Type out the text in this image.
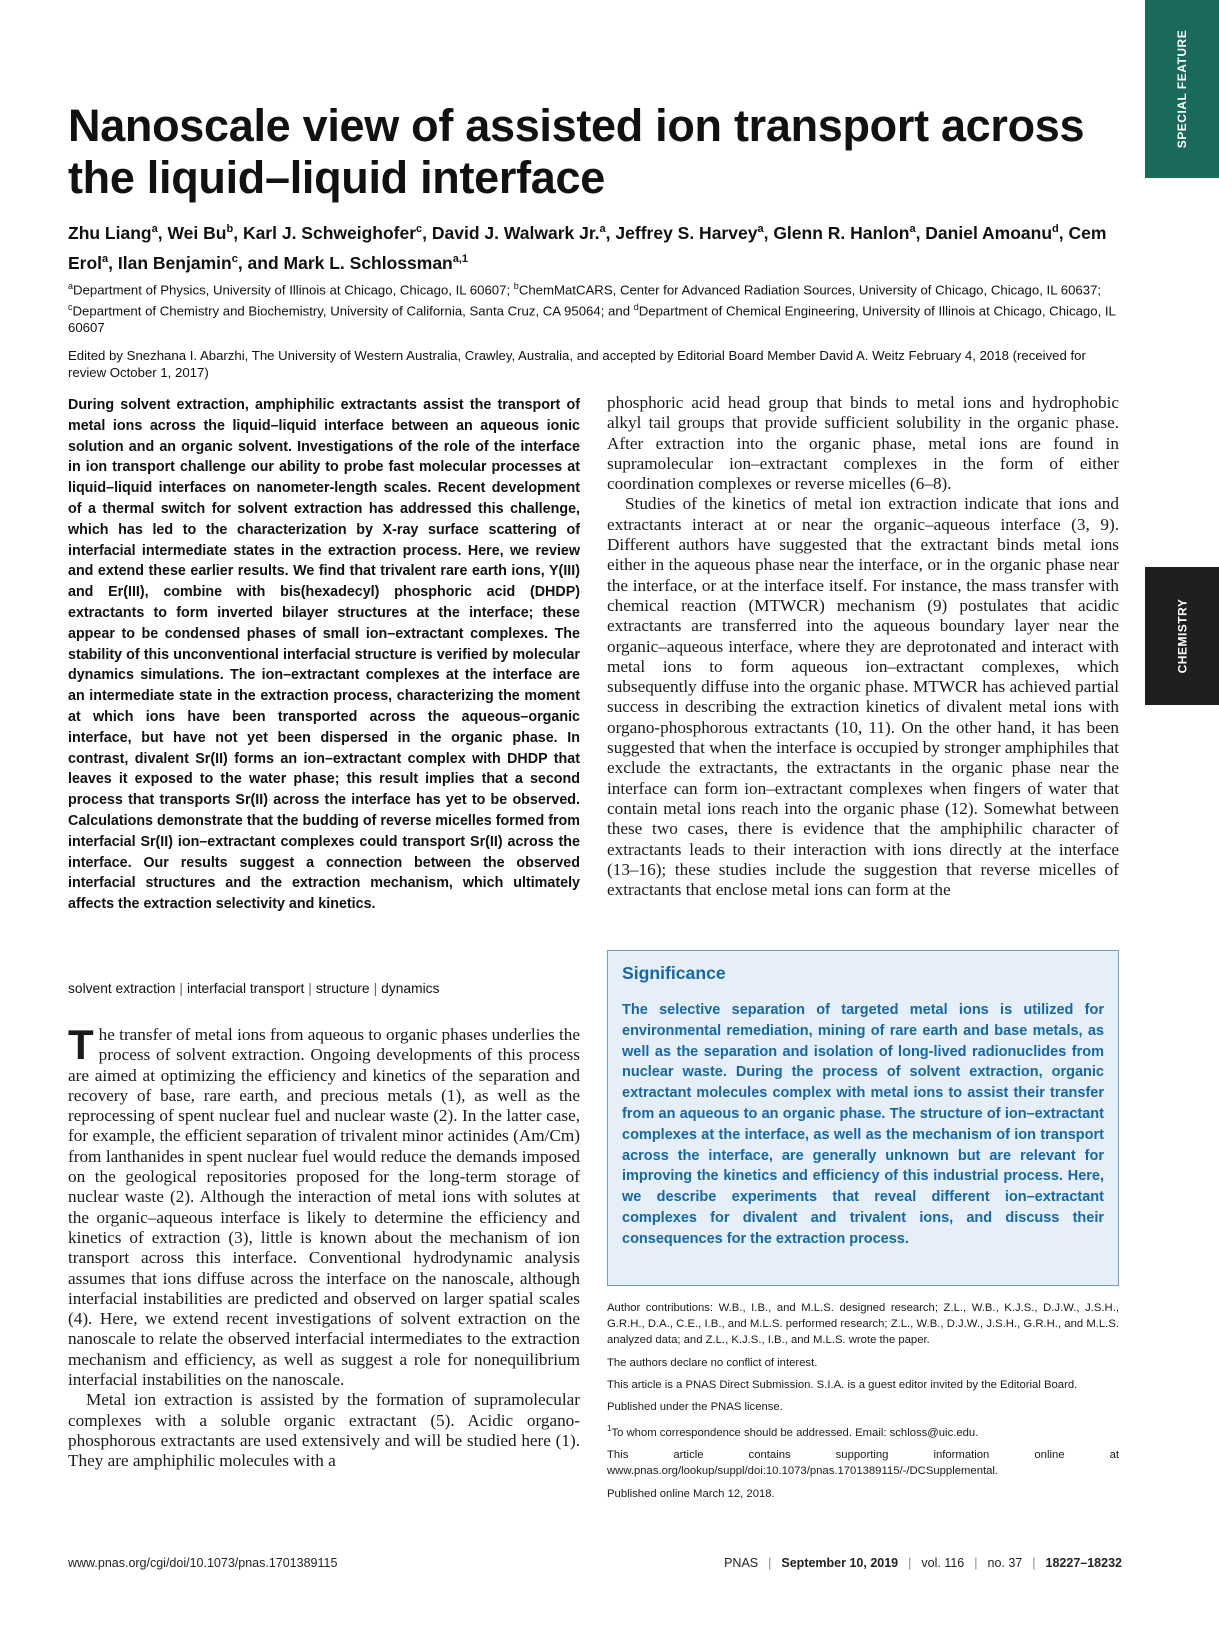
SPECIAL FEATURE
CHEMISTRY
Nanoscale view of assisted ion transport across the liquid–liquid interface
Zhu Liang$^a$, Wei Bu$^b$, Karl J. Schweighofer$^c$, David J. Walwark Jr.$^a$, Jeffrey S. Harvey$^a$, Glenn R. Hanlon$^a$, Daniel Amoanu$^d$, Cem Erol$^a$, Ilan Benjamin$^c$, and Mark L. Schlossman$^{a,1}$
$^a$Department of Physics, University of Illinois at Chicago, Chicago, IL 60607; $^b$ChemMatCARS, Center for Advanced Radiation Sources, University of Chicago, Chicago, IL 60637; $^c$Department of Chemistry and Biochemistry, University of California, Santa Cruz, CA 95064; and $^d$Department of Chemical Engineering, University of Illinois at Chicago, Chicago, IL 60607
Edited by Snezhana I. Abarzhi, The University of Western Australia, Crawley, Australia, and accepted by Editorial Board Member David A. Weitz February 4, 2018 (received for review October 1, 2017)
During solvent extraction, amphiphilic extractants assist the transport of metal ions across the liquid–liquid interface between an aqueous ionic solution and an organic solvent. Investigations of the role of the interface in ion transport challenge our ability to probe fast molecular processes at liquid–liquid interfaces on nanometer-length scales. Recent development of a thermal switch for solvent extraction has addressed this challenge, which has led to the characterization by X-ray surface scattering of interfacial intermediate states in the extraction process. Here, we review and extend these earlier results. We find that trivalent rare earth ions, Y(III) and Er(III), combine with bis(hexadecyl) phosphoric acid (DHDP) extractants to form inverted bilayer structures at the interface; these appear to be condensed phases of small ion–extractant complexes. The stability of this unconventional interfacial structure is verified by molecular dynamics simulations. The ion–extractant complexes at the interface are an intermediate state in the extraction process, characterizing the moment at which ions have been transported across the aqueous–organic interface, but have not yet been dispersed in the organic phase. In contrast, divalent Sr(II) forms an ion–extractant complex with DHDP that leaves it exposed to the water phase; this result implies that a second process that transports Sr(II) across the interface has yet to be observed. Calculations demonstrate that the budding of reverse micelles formed from interfacial Sr(II) ion–extractant complexes could transport Sr(II) across the interface. Our results suggest a connection between the observed interfacial structures and the extraction mechanism, which ultimately affects the extraction selectivity and kinetics.
solvent extraction | interfacial transport | structure | dynamics

The transfer of metal ions from aqueous to organic phases underlies the process of solvent extraction. Ongoing developments of this process are aimed at optimizing the efficiency and kinetics of the separation and recovery of base, rare earth, and precious metals (1), as well as the reprocessing of spent nuclear fuel and nuclear waste (2). In the latter case, for example, the efficient separation of trivalent minor actinides (Am/Cm) from lanthanides in spent nuclear fuel would reduce the demands imposed on the geological repositories proposed for the long-term storage of nuclear waste (2). Although the interaction of metal ions with solutes at the organic–aqueous interface is likely to determine the efficiency and kinetics of extraction (3), little is known about the mechanism of ion transport across this interface. Conventional hydrodynamic analysis assumes that ions diffuse across the interface on the nanoscale, although interfacial instabilities are predicted and observed on larger spatial scales (4). Here, we extend recent investigations of solvent extraction on the nanoscale to relate the observed interfacial intermediates to the extraction mechanism and efficiency, as well as suggest a role for nonequilibrium interfacial instabilities on the nanoscale.

Metal ion extraction is assisted by the formation of supramolecular complexes with a soluble organic extractant (5). Acidic organo-phosphorous extractants are used extensively and will be studied here (1). They are amphiphilic molecules with a

phosphoric acid head group that binds to metal ions and hydrophobic alkyl tail groups that provide sufficient solubility in the organic phase. After extraction into the organic phase, metal ions are found in supramolecular ion–extractant complexes in the form of either coordination complexes or reverse micelles (6–8).

Studies of the kinetics of metal ion extraction indicate that ions and extractants interact at or near the organic–aqueous interface (3, 9). Different authors have suggested that the extractant binds metal ions either in the aqueous phase near the interface, or in the organic phase near the interface, or at the interface itself. For instance, the mass transfer with chemical reaction (MTWCR) mechanism (9) postulates that acidic extractants are transferred into the aqueous boundary layer near the organic–aqueous interface, where they are deprotonated and interact with metal ions to form aqueous ion–extractant complexes, which subsequently diffuse into the organic phase. MTWCR has achieved partial success in describing the extraction kinetics of divalent metal ions with organo-phosphorous extractants (10, 11). On the other hand, it has been suggested that when the interface is occupied by stronger amphiphiles that exclude the extractants, the extractants in the organic phase near the interface can form ion–extractant complexes when fingers of water that contain metal ions reach into the organic phase (12). Somewhat between these two cases, there is evidence that the amphiphilic character of extractants leads to their interaction with ions directly at the interface (13–16); these studies include the suggestion that reverse micelles of extractants that enclose metal ions can form at the

Significance

The selective separation of targeted metal ions is utilized for environmental remediation, mining of rare earth and base metals, as well as the separation and isolation of long-lived radionuclides from nuclear waste. During the process of solvent extraction, organic extractant molecules complex with metal ions to assist their transfer from an aqueous to an organic phase. The structure of ion–extractant complexes at the interface, as well as the mechanism of ion transport across the interface, are generally unknown but are relevant for improving the kinetics and efficiency of this industrial process. Here, we describe experiments that reveal different ion–extractant complexes for divalent and trivalent ions, and discuss their consequences for the extraction process.

Author contributions: W.B., I.B., and M.L.S. designed research; Z.L., W.B., K.J.S., D.J.W., J.S.H., G.R.H., D.A., C.E., I.B., and M.L.S. performed research; Z.L., W.B., D.J.W., J.S.H., G.R.H., and M.L.S. analyzed data; and Z.L., K.J.S., I.B., and M.L.S. wrote the paper.

The authors declare no conflict of interest.

This article is a PNAS Direct Submission. S.I.A. is a guest editor invited by the Editorial Board.

Published under the PNAS license.

$^1$To whom correspondence should be addressed. Email: schloss@uic.edu.

This article contains supporting information online at www.pnas.org/lookup/suppl/doi:10.1073/pnas.1701389115/-/DCSupplemental.

Published online March 12, 2018.

www.pnas.org/cgi/doi/10.1073/pnas.1701389115	PNAS | September 10, 2019 | vol. 116 | no. 37 | 18227–18232
